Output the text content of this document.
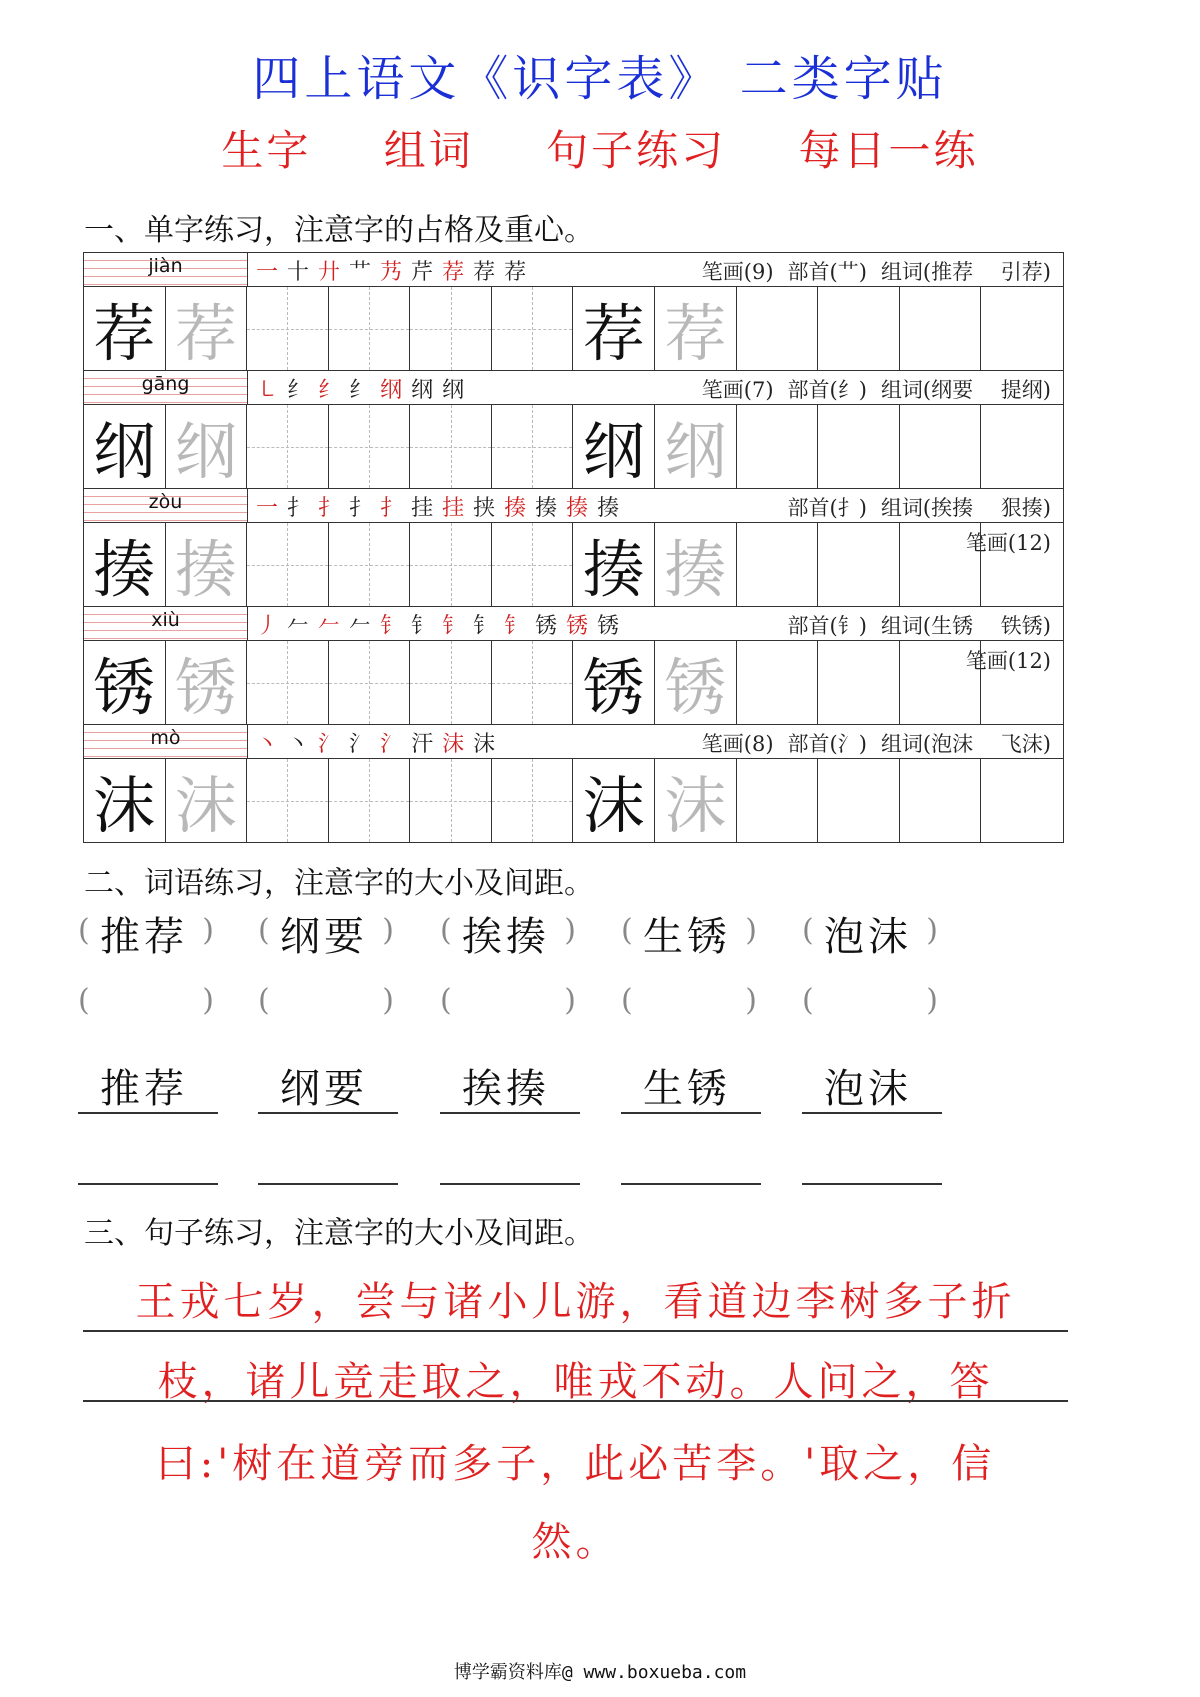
四上语文《识字表》 二类字贴
生字 组词 句子练习 每日一练
一、单字练习，注意字的占格及重心。
jiàn	一 十 廾 艹 艿 芹 荐 荐 荐	笔画(9) 部首(艹) 组词(推荐　 引荐)
荐 荐	荐 荐
gāng	㇄ 纟 纟 纟 纲 纲 纲	笔画(7) 部首(纟) 组词(纲要　 提纲)
纲 纲	纲 纲
zòu	一 扌 扌 扌 扌 挂 挂 挟 揍 揍 揍 揍	部首(扌) 组词(挨揍　 狠揍)
笔画(12)
揍 揍	揍 揍
xiù	丿 𠂉 𠂉 𠂉 钅 钅 钅 钅 钅 锈 锈 锈	部首(钅) 组词(生锈　 铁锈)
笔画(12)
锈 锈	锈 锈
mò	丶 丶 氵 氵 氵 汗 沫 沫	笔画(8) 部首(氵) 组词(泡沫　 飞沫)
沫 沫	沫 沫
二、词语练习，注意字的大小及间距。
( 推荐 )
(	)
推荐
( 纲要 )
(	)
纲要
( 挨揍 )
(	)
挨揍
( 生锈 )
(	)
生锈
( 泡沫 )
(	)
泡沫
三、句子练习，注意字的大小及间距。
王戎七岁，尝与诸小儿游，看道边李树多子折
枝，诸儿竞走取之，唯戎不动。人问之，答
曰:'树在道旁而多子，此必苦李。'取之，信
然。
博学霸资料库@ www.boxueba.com
